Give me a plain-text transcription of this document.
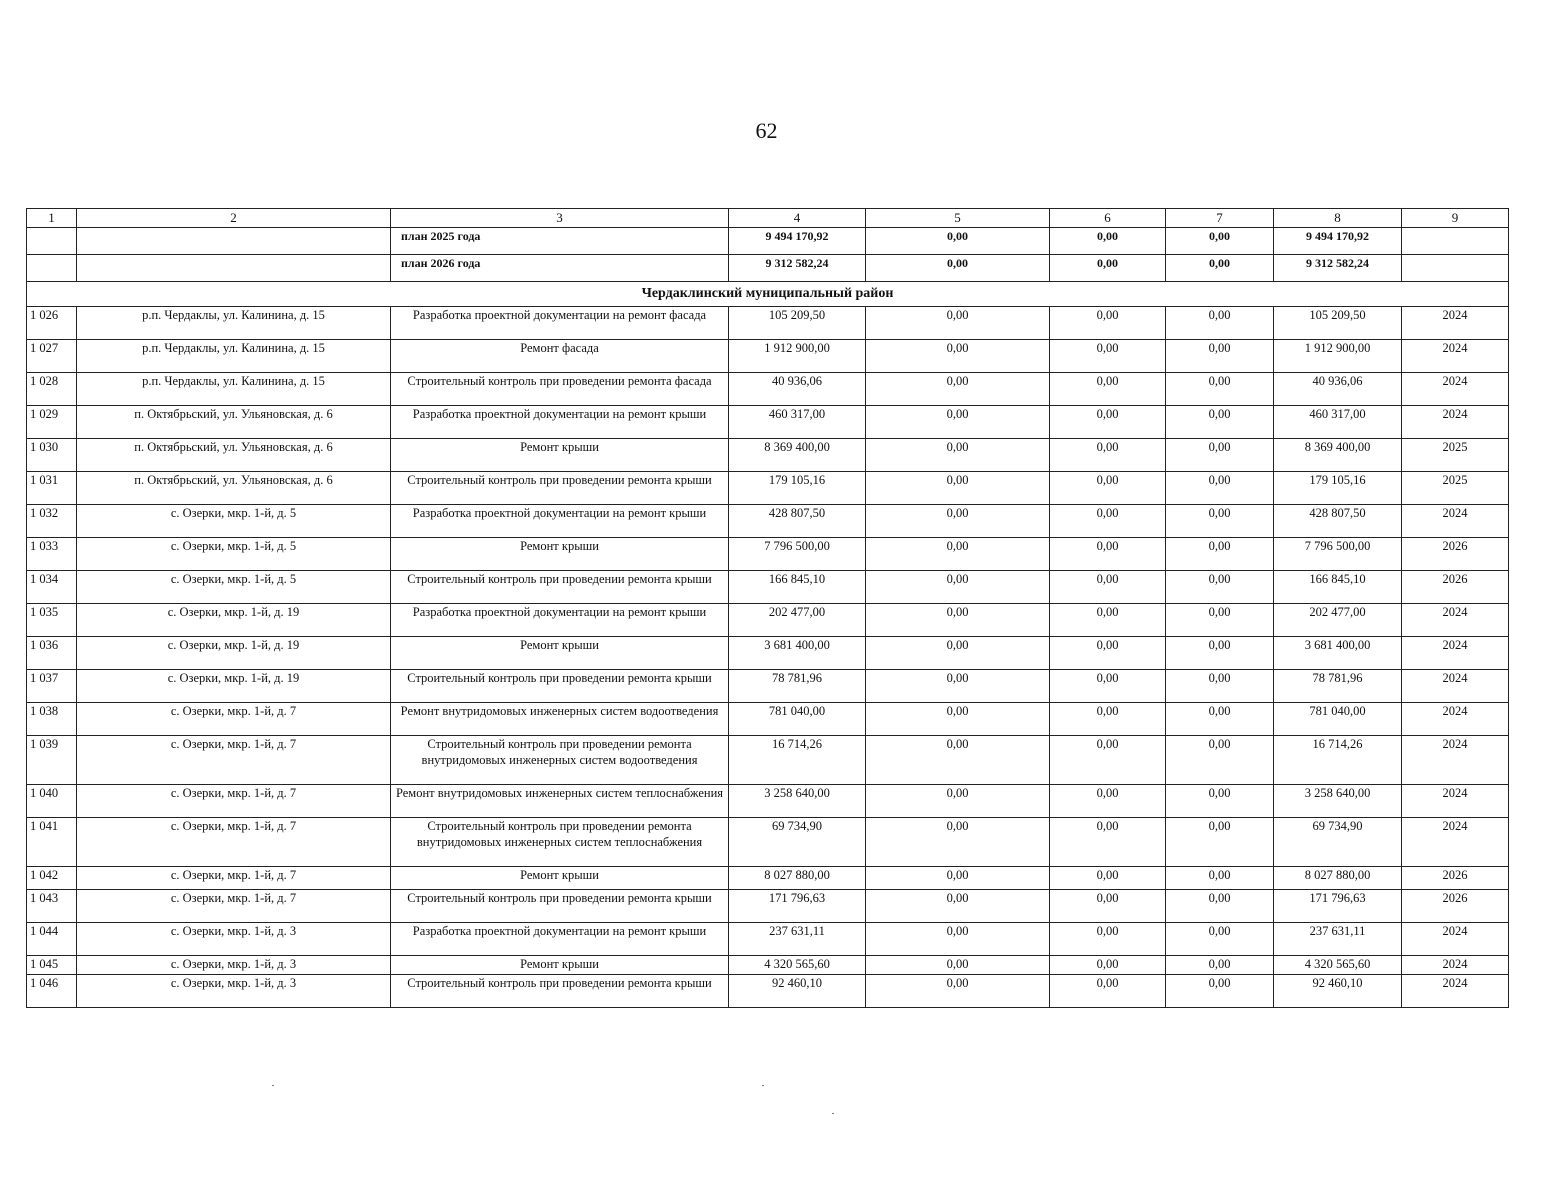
62
1	2	3	4	5	6	7	8	9
		план 2025 года	9 494 170,92	0,00	0,00	0,00	9 494 170,92	
		план 2026 года	9 312 582,24	0,00	0,00	0,00	9 312 582,24	
Чердаклинский муниципальный район								
1 026	р.п. Чердаклы, ул. Калинина, д. 15	Разработка проектной документации на ремонт фасада	105 209,50	0,00	0,00	0,00	105 209,50	2024
1 027	р.п. Чердаклы, ул. Калинина, д. 15	Ремонт фасада	1 912 900,00	0,00	0,00	0,00	1 912 900,00	2024
1 028	р.п. Чердаклы, ул. Калинина, д. 15	Строительный контроль при проведении ремонта фасада	40 936,06	0,00	0,00	0,00	40 936,06	2024
1 029	п. Октябрьский, ул. Ульяновская, д. 6	Разработка проектной документации на ремонт крыши	460 317,00	0,00	0,00	0,00	460 317,00	2024
1 030	п. Октябрьский, ул. Ульяновская, д. 6	Ремонт крыши	8 369 400,00	0,00	0,00	0,00	8 369 400,00	2025
1 031	п. Октябрьский, ул. Ульяновская, д. 6	Строительный контроль при проведении ремонта крыши	179 105,16	0,00	0,00	0,00	179 105,16	2025
1 032	с. Озерки, мкр. 1-й, д. 5	Разработка проектной документации на ремонт крыши	428 807,50	0,00	0,00	0,00	428 807,50	2024
1 033	с. Озерки, мкр. 1-й, д. 5	Ремонт крыши	7 796 500,00	0,00	0,00	0,00	7 796 500,00	2026
1 034	с. Озерки, мкр. 1-й, д. 5	Строительный контроль при проведении ремонта крыши	166 845,10	0,00	0,00	0,00	166 845,10	2026
1 035	с. Озерки, мкр. 1-й, д. 19	Разработка проектной документации на ремонт крыши	202 477,00	0,00	0,00	0,00	202 477,00	2024
1 036	с. Озерки, мкр. 1-й, д. 19	Ремонт крыши	3 681 400,00	0,00	0,00	0,00	3 681 400,00	2024
1 037	с. Озерки, мкр. 1-й, д. 19	Строительный контроль при проведении ремонта крыши	78 781,96	0,00	0,00	0,00	78 781,96	2024
1 038	с. Озерки, мкр. 1-й, д. 7	Ремонт внутридомовых инженерных систем водоотведения	781 040,00	0,00	0,00	0,00	781 040,00	2024
1 039	с. Озерки, мкр. 1-й, д. 7	Строительный контроль при проведении ремонта внутридомовых инженерных систем водоотведения	16 714,26	0,00	0,00	0,00	16 714,26	2024
1 040	с. Озерки, мкр. 1-й, д. 7	Ремонт внутридомовых инженерных систем теплоснабжения	3 258 640,00	0,00	0,00	0,00	3 258 640,00	2024
1 041	с. Озерки, мкр. 1-й, д. 7	Строительный контроль при проведении ремонта внутридомовых инженерных систем теплоснабжения	69 734,90	0,00	0,00	0,00	69 734,90	2024
1 042	с. Озерки, мкр. 1-й, д. 7	Ремонт крыши	8 027 880,00	0,00	0,00	0,00	8 027 880,00	2026
1 043	с. Озерки, мкр. 1-й, д. 7	Строительный контроль при проведении ремонта крыши	171 796,63	0,00	0,00	0,00	171 796,63	2026
1 044	с. Озерки, мкр. 1-й, д. 3	Разработка проектной документации на ремонт крыши	237 631,11	0,00	0,00	0,00	237 631,11	2024
1 045	с. Озерки, мкр. 1-й, д. 3	Ремонт крыши	4 320 565,60	0,00	0,00	0,00	4 320 565,60	2024
1 046	с. Озерки, мкр. 1-й, д. 3	Строительный контроль при проведении ремонта крыши	92 460,10	0,00	0,00	0,00	92 460,10	2024
